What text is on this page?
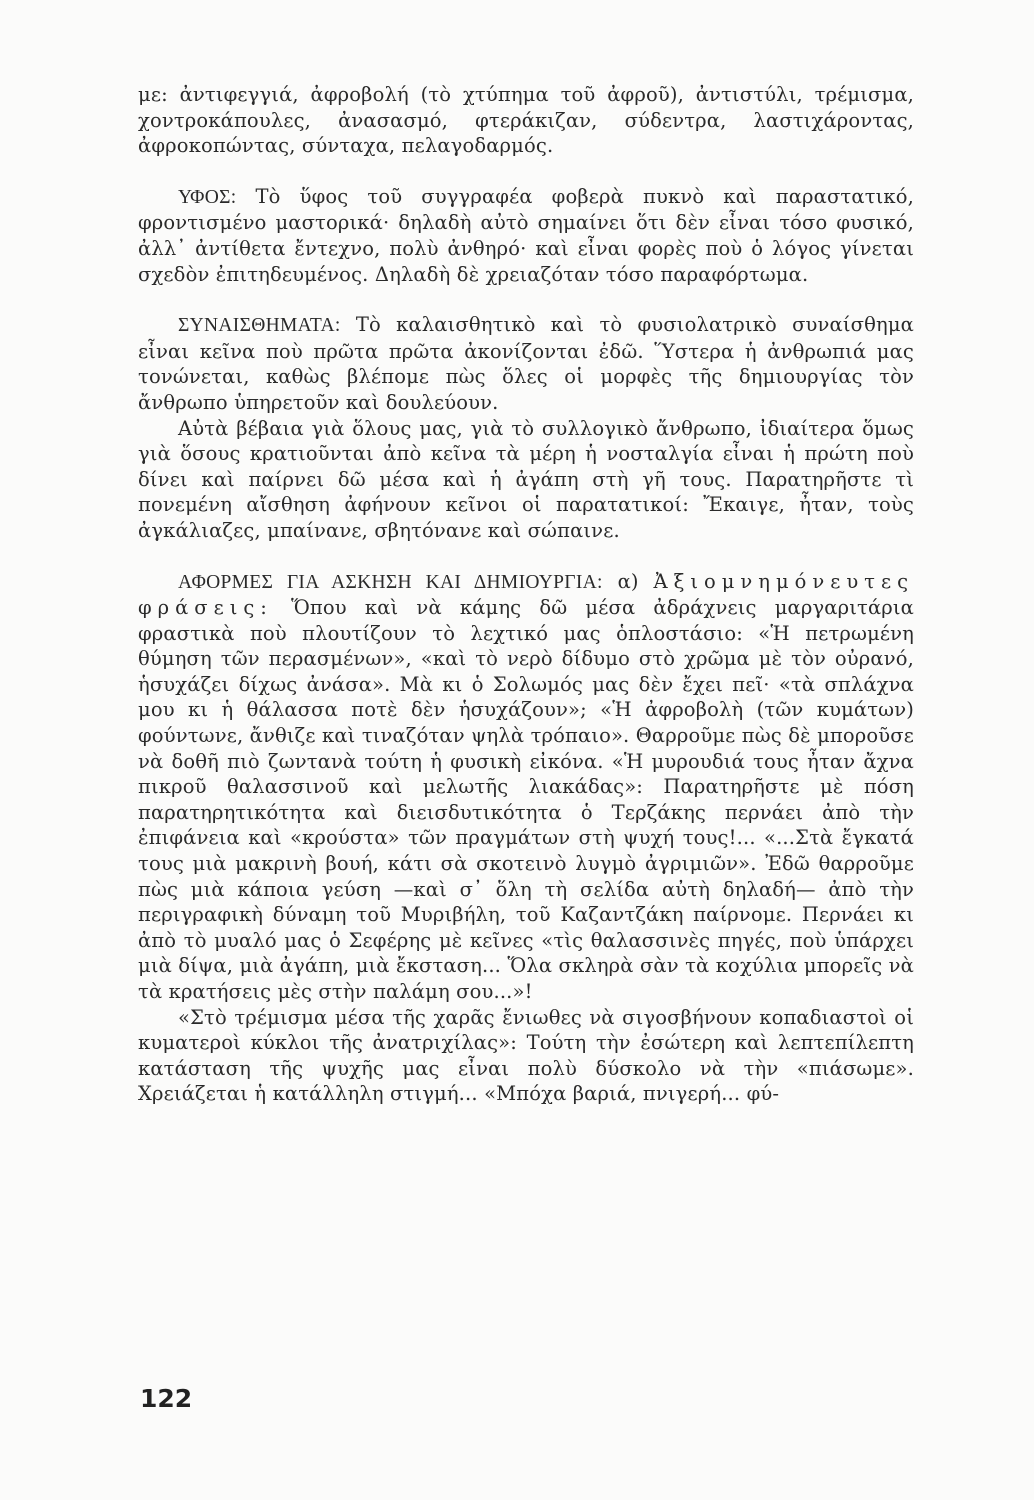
με: ἀντιφεγγιά, ἀφροβολή (τὸ χτύπημα τοῦ ἀφροῦ), ἀντιστύλι, τρέμισμα, χοντροκάπουλες, ἀνασασμό, φτεράκιζαν, σύδεντρα, λαστιχάροντας, ἀφροκοπώντας, σύνταχα, πελαγοδαρμός.

ΥΦΟΣ: Τὸ ὕφος τοῦ συγγραφέα φοβερὰ πυκνὸ καὶ παραστατικό, φροντισμένο μαστορικά· δηλαδὴ αὐτὸ σημαίνει ὅτι δὲν εἶναι τόσο φυσικό, ἀλλ᾽ ἀντίθετα ἔντεχνο, πολὺ ἀνθηρό· καὶ εἶναι φορὲς ποὺ ὁ λόγος γίνεται σχεδὸν ἐπιτηδευμένος. Δηλαδὴ δὲ χρειαζόταν τόσο παραφόρτωμα.

ΣΥΝΑΙΣΘΗΜΑΤΑ: Τὸ καλαισθητικὸ καὶ τὸ φυσιολατρικὸ συναίσθημα εἶναι κεῖνα ποὺ πρῶτα πρῶτα ἀκονίζονται ἐδῶ. Ὕστερα ἡ ἀνθρωπιά μας τονώνεται, καθὼς βλέπομε πὼς ὅλες οἱ μορφὲς τῆς δημιουργίας τὸν ἄνθρωπο ὑπηρετοῦν καὶ δουλεύουν.

Αὐτὰ βέβαια γιὰ ὅλους μας, γιὰ τὸ συλλογικὸ ἄνθρωπο, ἰδιαίτερα ὅμως γιὰ ὅσους κρατιοῦνται ἀπὸ κεῖνα τὰ μέρη ἡ νοσταλγία εἶναι ἡ πρώτη ποὺ δίνει καὶ παίρνει δῶ μέσα καὶ ἡ ἀγάπη στὴ γῆ τους. Παρατηρῆστε τὶ πονεμένη αἴσθηση ἀφήνουν κεῖνοι οἱ παρατατικοί: Ἔκαιγε, ἦταν, τοὺς ἀγκάλιαζες, μπαίνανε, σβητόνανε καὶ σώπαινε.

ΑΦΟΡΜΕΣ ΓΙΑ ΑΣΚΗΣΗ ΚΑΙ ΔΗΜΙΟΥΡΓΙΑ: α) Ἀξιομνημόνευτες φράσεις: Ὅπου καὶ νὰ κάμης δῶ μέσα ἀδράχνεις μαργαριτάρια φραστικὰ ποὺ πλουτίζουν τὸ λεχτικό μας ὁπλοστάσιο: «Ἡ πετρωμένη θύμηση τῶν περασμένων», «καὶ τὸ νερὸ δίδυμο στὸ χρῶμα μὲ τὸν οὐρανό, ἡσυχάζει δίχως ἀνάσα». Μὰ κι ὁ Σολωμός μας δὲν ἔχει πεῖ· «τὰ σπλάχνα μου κι ἡ θάλασσα ποτὲ δὲν ἡσυχάζουν»; «Ἡ ἀφροβολὴ (τῶν κυμάτων) φούντωνε, ἄνθιζε καὶ τιναζόταν ψηλὰ τρόπαιο». Θαρροῦμε πὼς δὲ μποροῦσε νὰ δοθῆ πιὸ ζωντανὰ τούτη ἡ φυσικὴ εἰκόνα. «Ἡ μυρουδιά τους ἦταν ἄχνα πικροῦ θαλασσινοῦ καὶ μελωτῆς λιακάδας»: Παρατηρῆστε μὲ πόση παρατηρητικότητα καὶ διεισδυτικότητα ὁ Τερζάκης περνάει ἀπὸ τὴν ἐπιφάνεια καὶ «κρούστα» τῶν πραγμάτων στὴ ψυχή τους!... «...Στὰ ἔγκατά τους μιὰ μακρινὴ βουή, κάτι σὰ σκοτεινὸ λυγμὸ ἀγριμιῶν». Ἐδῶ θαρροῦμε πὼς μιὰ κάποια γεύση —καὶ σ᾽ ὅλη τὴ σελίδα αὐτὴ δηλαδή— ἀπὸ τὴν περιγραφικὴ δύναμη τοῦ Μυριβήλη, τοῦ Καζαντζάκη παίρνομε. Περνάει κι ἀπὸ τὸ μυαλό μας ὁ Σεφέρης μὲ κεῖνες «τὶς θαλασσινὲς πηγές, ποὺ ὑπάρχει μιὰ δίψα, μιὰ ἀγάπη, μιὰ ἔκσταση... Ὅλα σκληρὰ σὰν τὰ κοχύλια μπορεῖς νὰ τὰ κρατήσεις μὲς στὴν παλάμη σου...»!

«Στὸ τρέμισμα μέσα τῆς χαρᾶς ἔνιωθες νὰ σιγοσβήνουν κοπαδιαστοὶ οἱ κυματεροὶ κύκλοι τῆς ἀνατριχίλας»: Τούτη τὴν ἐσώτερη καὶ λεπτεπίλεπτη κατάσταση τῆς ψυχῆς μας εἶναι πολὺ δύσκολο νὰ τὴν «πιάσωμε». Χρειάζεται ἡ κατάλληλη στιγμή... «Μπόχα βαριά, πνιγερή... φύ-

122
